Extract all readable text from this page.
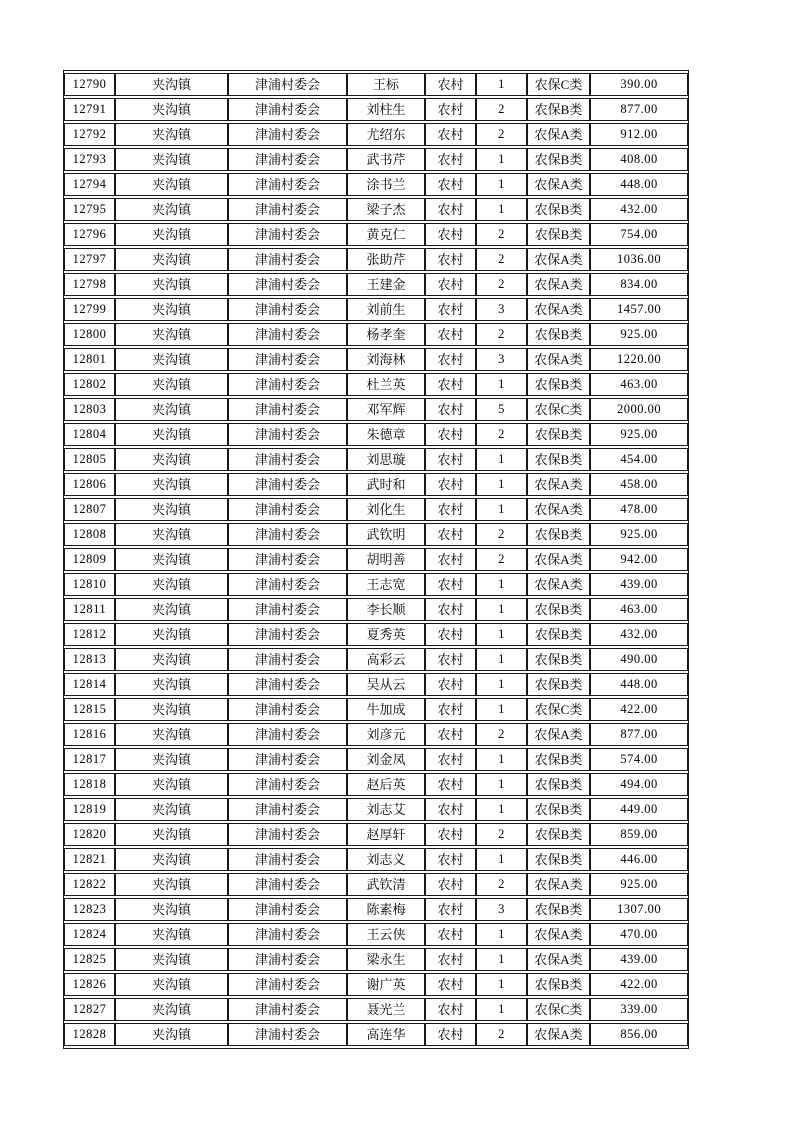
12790	夹沟镇	津浦村委会	王标	农村	1	农保C类	390.00
12791	夹沟镇	津浦村委会	刘柱生	农村	2	农保B类	877.00
12792	夹沟镇	津浦村委会	尤绍东	农村	2	农保A类	912.00
12793	夹沟镇	津浦村委会	武书芹	农村	1	农保B类	408.00
12794	夹沟镇	津浦村委会	涂书兰	农村	1	农保A类	448.00
12795	夹沟镇	津浦村委会	梁子杰	农村	1	农保B类	432.00
12796	夹沟镇	津浦村委会	黄克仁	农村	2	农保B类	754.00
12797	夹沟镇	津浦村委会	张助芹	农村	2	农保A类	1036.00
12798	夹沟镇	津浦村委会	王建金	农村	2	农保A类	834.00
12799	夹沟镇	津浦村委会	刘前生	农村	3	农保A类	1457.00
12800	夹沟镇	津浦村委会	杨孝奎	农村	2	农保B类	925.00
12801	夹沟镇	津浦村委会	刘海林	农村	3	农保A类	1220.00
12802	夹沟镇	津浦村委会	杜兰英	农村	1	农保B类	463.00
12803	夹沟镇	津浦村委会	邓军辉	农村	5	农保C类	2000.00
12804	夹沟镇	津浦村委会	朱德章	农村	2	农保B类	925.00
12805	夹沟镇	津浦村委会	刘思璇	农村	1	农保B类	454.00
12806	夹沟镇	津浦村委会	武时和	农村	1	农保A类	458.00
12807	夹沟镇	津浦村委会	刘化生	农村	1	农保A类	478.00
12808	夹沟镇	津浦村委会	武钦明	农村	2	农保B类	925.00
12809	夹沟镇	津浦村委会	胡明善	农村	2	农保A类	942.00
12810	夹沟镇	津浦村委会	王志宽	农村	1	农保A类	439.00
12811	夹沟镇	津浦村委会	李长顺	农村	1	农保B类	463.00
12812	夹沟镇	津浦村委会	夏秀英	农村	1	农保B类	432.00
12813	夹沟镇	津浦村委会	高彩云	农村	1	农保B类	490.00
12814	夹沟镇	津浦村委会	吴从云	农村	1	农保B类	448.00
12815	夹沟镇	津浦村委会	牛加成	农村	1	农保C类	422.00
12816	夹沟镇	津浦村委会	刘彦元	农村	2	农保A类	877.00
12817	夹沟镇	津浦村委会	刘金凤	农村	1	农保B类	574.00
12818	夹沟镇	津浦村委会	赵后英	农村	1	农保B类	494.00
12819	夹沟镇	津浦村委会	刘志艾	农村	1	农保B类	449.00
12820	夹沟镇	津浦村委会	赵厚轩	农村	2	农保B类	859.00
12821	夹沟镇	津浦村委会	刘志义	农村	1	农保B类	446.00
12822	夹沟镇	津浦村委会	武钦清	农村	2	农保A类	925.00
12823	夹沟镇	津浦村委会	陈素梅	农村	3	农保B类	1307.00
12824	夹沟镇	津浦村委会	王云侠	农村	1	农保A类	470.00
12825	夹沟镇	津浦村委会	梁永生	农村	1	农保A类	439.00
12826	夹沟镇	津浦村委会	谢广英	农村	1	农保B类	422.00
12827	夹沟镇	津浦村委会	聂光兰	农村	1	农保C类	339.00
12828	夹沟镇	津浦村委会	高连华	农村	2	农保A类	856.00
